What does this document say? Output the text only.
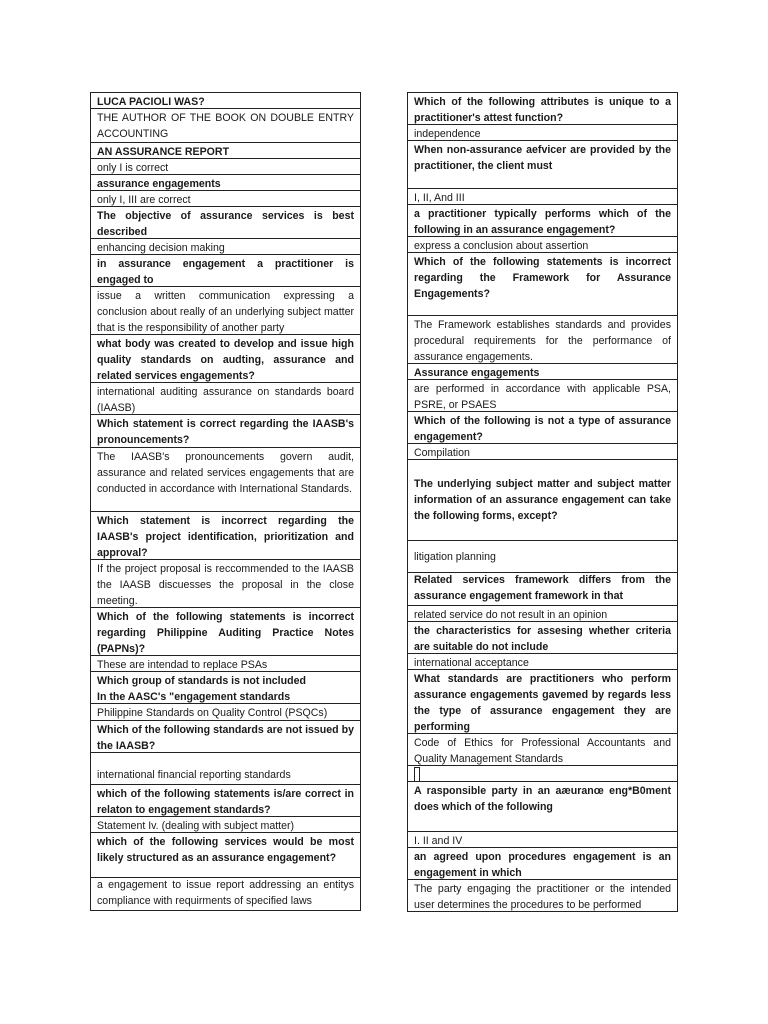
LUCA PACIOLI WAS?
THE AUTHOR OF THE BOOK ON DOUBLE ENTRY ACCOUNTING
AN ASSURANCE REPORT
only I is correct
assurance engagements
only I, III are correct
The objective of assurance services is best described
enhancing decision making
in assurance engagement a practitioner is engaged to
issue a written communication expressing a conclusion about really of an underlying subject matter that is the responsibility of another party
what body was created to develop and issue high quality standards on audting, assurance and related services engagements?
international auditing assurance on standards board (IAASB)
Which statement is correct regarding the IAASB's pronouncements?
The IAASB's pronouncements govern audit, assurance and related services engagements that are conducted in accordance with International Standards.
Which statement is incorrect regarding the IAASB's project identification, prioritization and approval?
If the project proposal is reccommended to the IAASB the IAASB discuesses the proposal in the close meeting.
Which of the following statements is incorrect regarding Philippine Auditing Practice Notes (PAPNs)?
These are intendad to replace PSAs
Which group of standards is not included
In the AASC's "engagement standards
Philippine Standards on Quality Control (PSQCs)
Which of the following standards are not issued by the IAASB?
international financial reporting standards
which of the following statements is/are correct in relaton to engagement standards?
Statement Iv. (dealing with subject matter)
which of the following services would be most likely structured as an assurance engagement?
a engagement to issue report addressing an entitys compliance with requirments of specified laws
Which of the following attributes is unique to a practitioner's attest function?
independence
When non-assurance aefvicer are provided by the practitioner, the client must
I, II, And III
a practitioner typically performs which of the following in an assurance engagement?
express a conclusion about assertion
Which of the following statements is incorrect regarding the Framework for Assurance Engagements?
The Framework establishes standards and provides procedural requirements for the performance of assurance engagements.
Assurance engagements
are performed in accordance with applicable PSA, PSRE, or PSAES
Which of the following is not a type of assurance engagement?
Compilation
The underlying subject matter and subject matter information of an assurance engagement can take the following forms, except?
litigation planning
Related services framework differs from the assurance engagement framework in that
related service do not result in an opinion
the characteristics for assesing whether criteria are suitable do not include
international acceptance
What standards are practitioners who perform assurance engagements gavemed by regards less the type of assurance engagement they are performing
Code of Ethics for Professional Accountants and Quality Management Standards
A rasponsible party in an aæuranœ eng*B0ment does which of the following
I. II and IV
an agreed upon procedures engagement is an engagement in which
The party engaging the practitioner or the intended user determines the procedures to be performed
